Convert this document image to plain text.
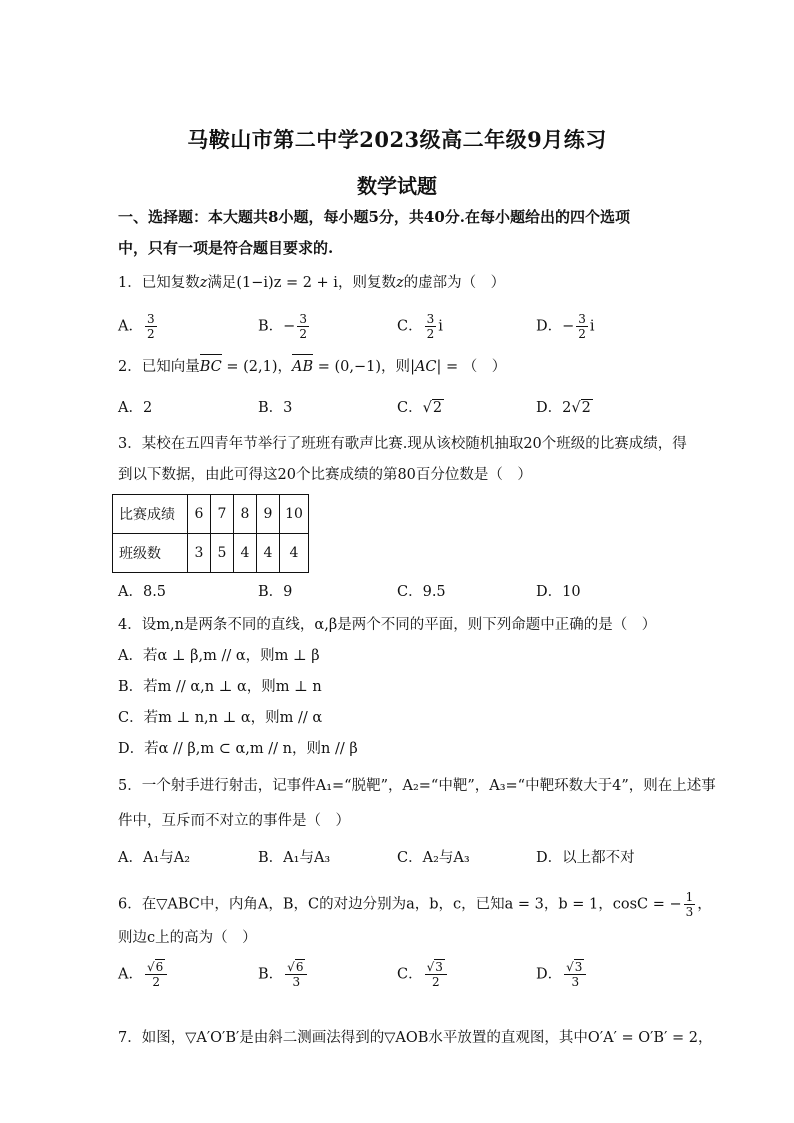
马鞍山市第二中学2023级高二年级9月练习
数学试题
一、选择题：本大题共8小题，每小题5分，共40分.在每小题给出的四个选项
中，只有一项是符合题目要求的.
1．已知复数z满足(1−i)z = 2 + i，则复数z的虚部为（　）
A． $\frac{3}{2}$	B．− $\frac{3}{2}$	C． $\frac{3}{2}$ i	D．− $\frac{3}{2}$ i
2．已知向量BC = (2,1)，AB = (0,−1)，则|AC| = （　）
A．2	B．3	C． √ 2	D．2 √ 2
3．某校在五四青年节举行了班班有歌声比赛.现从该校随机抽取20个班级的比赛成绩，得
到以下数据，由此可得这20个比赛成绩的第80百分位数是（　）
比赛成绩	6	7	8	9	10
班级数	3	5	4	4	4
A．8.5	B．9	C．9.5	D．10
4．设m,n是两条不同的直线，α,β是两个不同的平面，则下列命题中正确的是（　）
A．若α ⊥ β,m // α，则m ⊥ β
B．若m // α,n ⊥ α，则m ⊥ n
C．若m ⊥ n,n ⊥ α，则m // α
D．若α // β,m ⊂ α,m // n，则n // β
5．一个射手进行射击，记事件A₁=“脱靶”，A₂=“中靶”，A₃=“中靶环数大于4”，则在上述事
件中，互斥而不对立的事件是（　）
A．A₁与A₂	B．A₁与A₃	C．A₂与A₃	D．以上都不对
6．在▽ABC中，内角A，B，C的对边分别为a，b，c，已知a = 3，b = 1，cosC = − $\frac{1}{3}$ ，
则边c上的高为（　）
A． √ $\frac{6}{2}$	B． √ $\frac{6}{3}$	C． √ $\frac{3}{2}$	D． √ $\frac{3}{3}$
7．如图，▽A′O′B′是由斜二测画法得到的▽AOB水平放置的直观图，其中O′A′ = O′B′ = 2，
